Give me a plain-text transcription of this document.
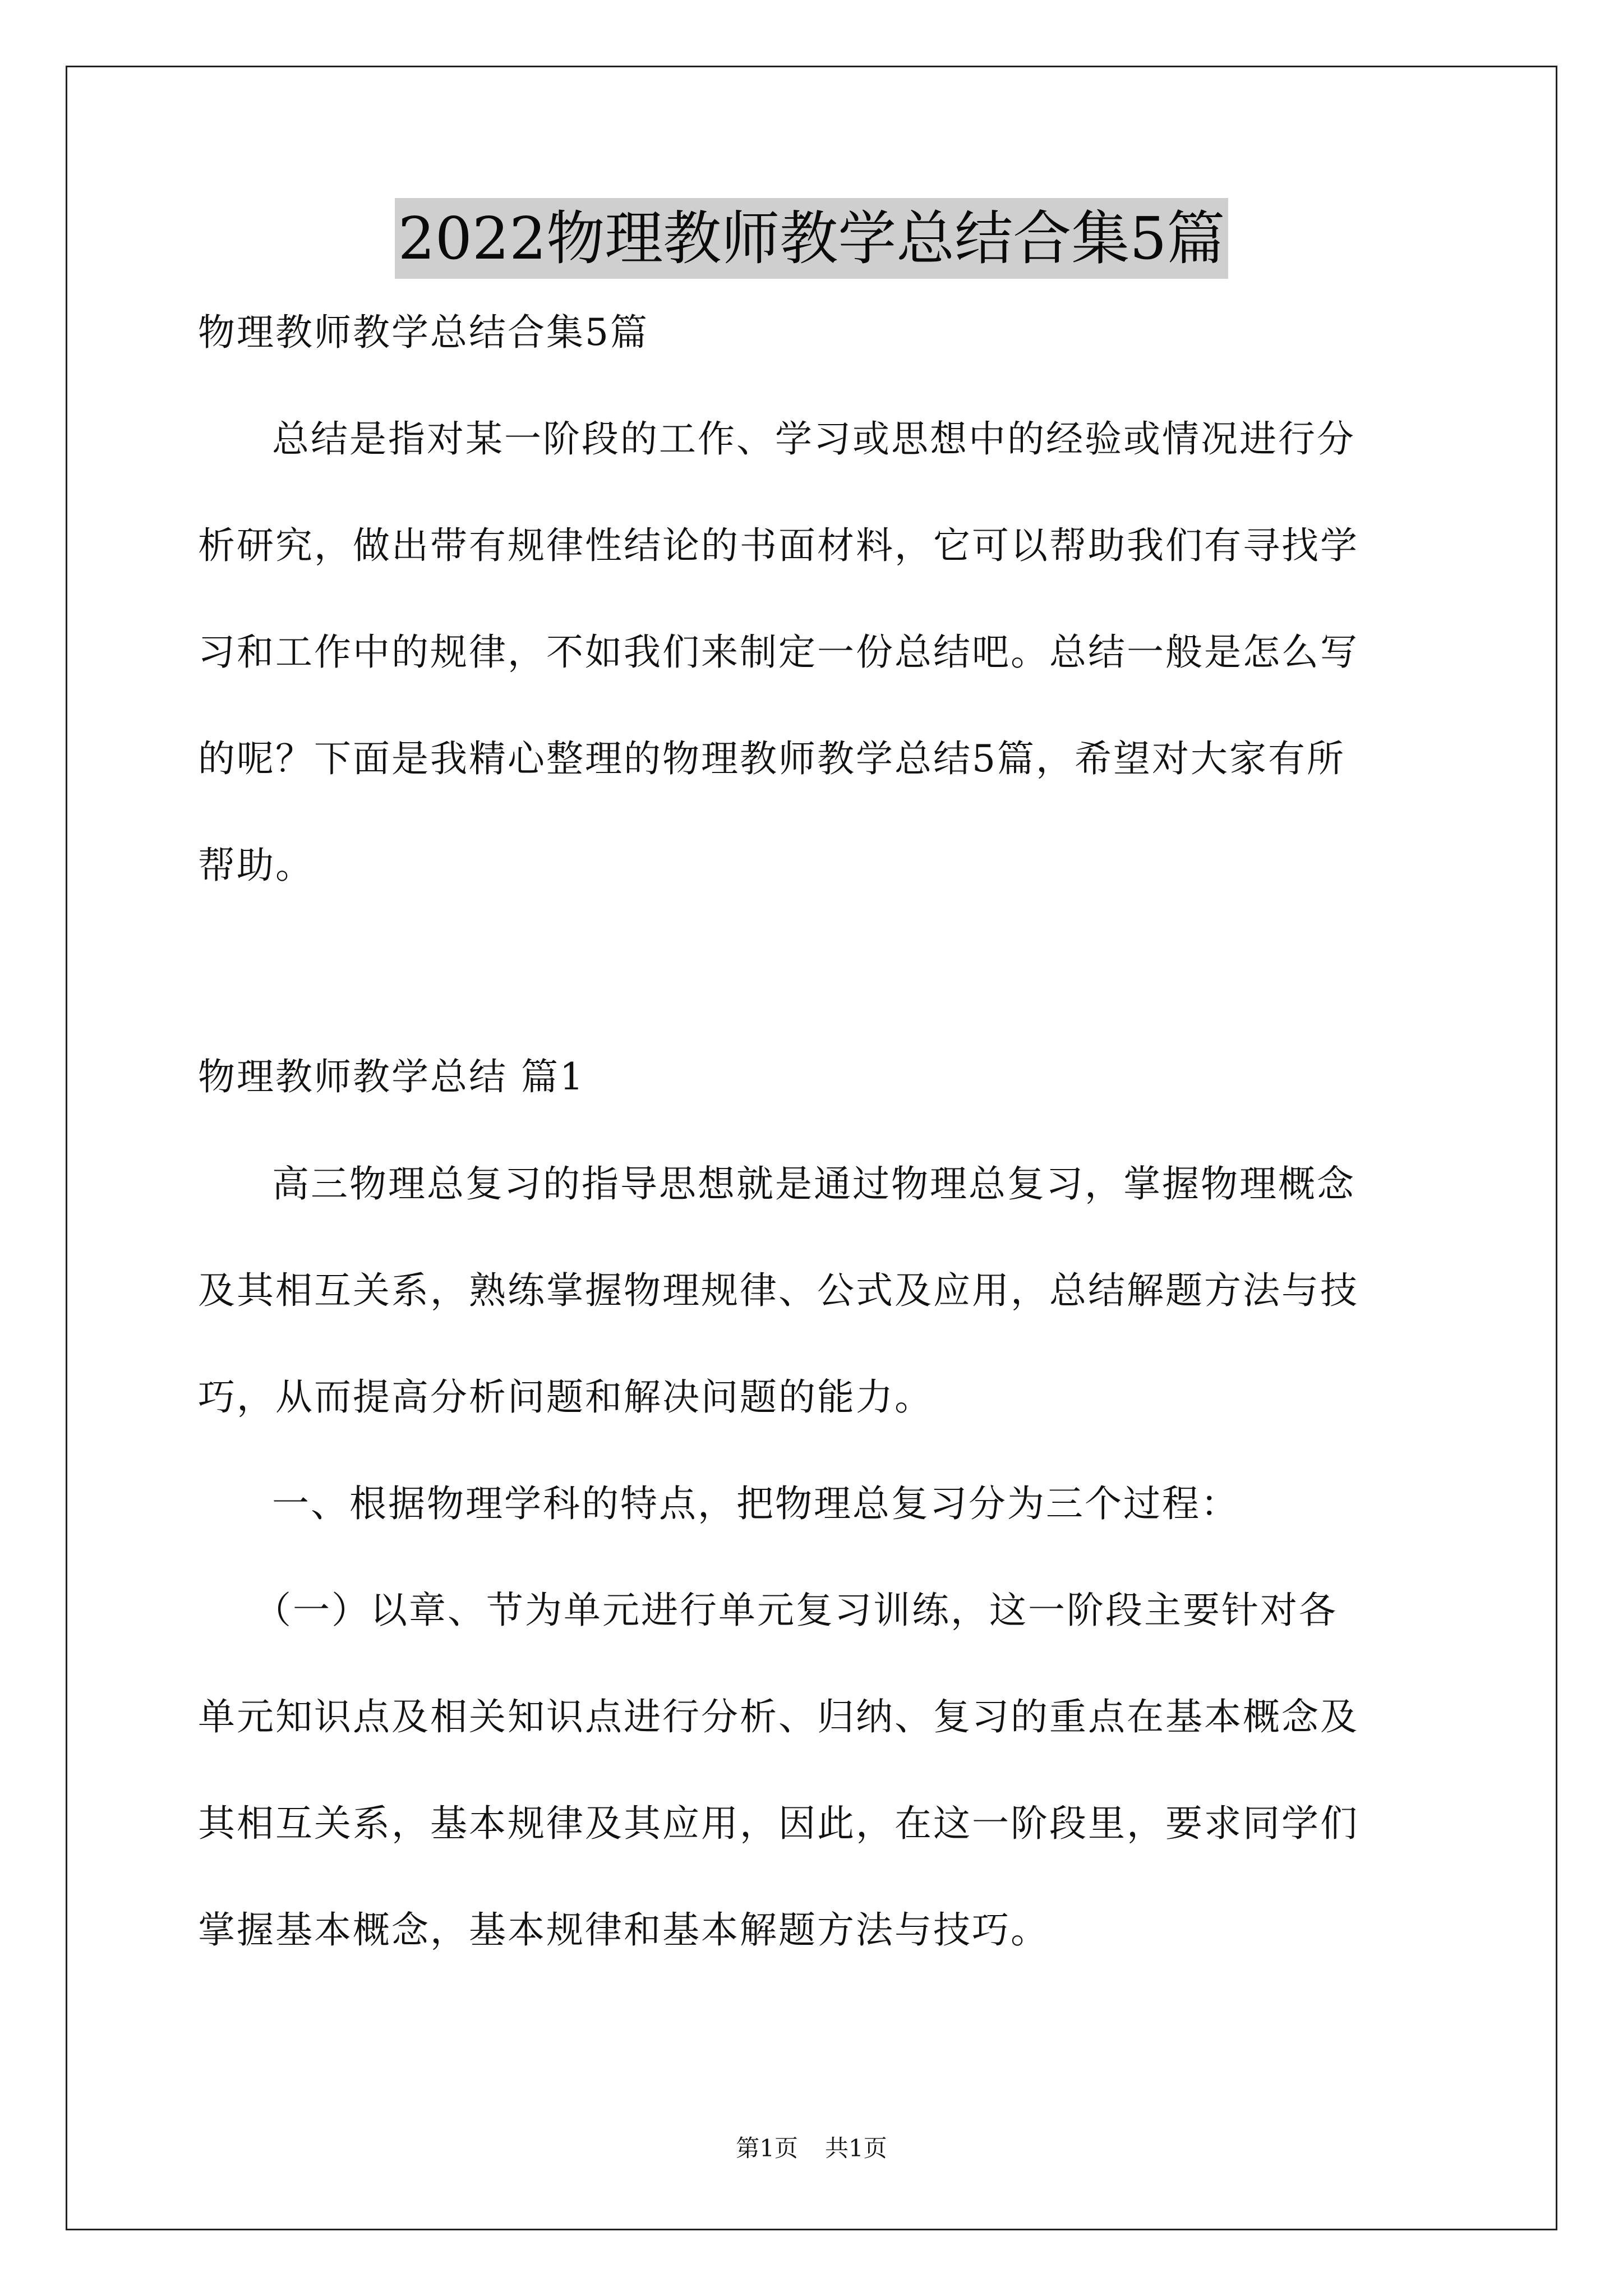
2022物理教师教学总结合集5篇

物理教师教学总结合集5篇

总结是指对某一阶段的工作、学习或思想中的经验或情况进行分

析研究，做出带有规律性结论的书面材料，它可以帮助我们有寻找学

习和工作中的规律，不如我们来制定一份总结吧。总结一般是怎么写

的呢？下面是我精心整理的物理教师教学总结5篇，希望对大家有所

帮助。

物理教师教学总结 篇1

高三物理总复习的指导思想就是通过物理总复习，掌握物理概念

及其相互关系，熟练掌握物理规律、公式及应用，总结解题方法与技

巧，从而提高分析问题和解决问题的能力。

一、根据物理学科的特点，把物理总复习分为三个过程：

（一）以章、节为单元进行单元复习训练，这一阶段主要针对各

单元知识点及相关知识点进行分析、归纳、复习的重点在基本概念及

其相互关系，基本规律及其应用，因此，在这一阶段里，要求同学们

掌握基本概念，基本规律和基本解题方法与技巧。

第1页 共1页
